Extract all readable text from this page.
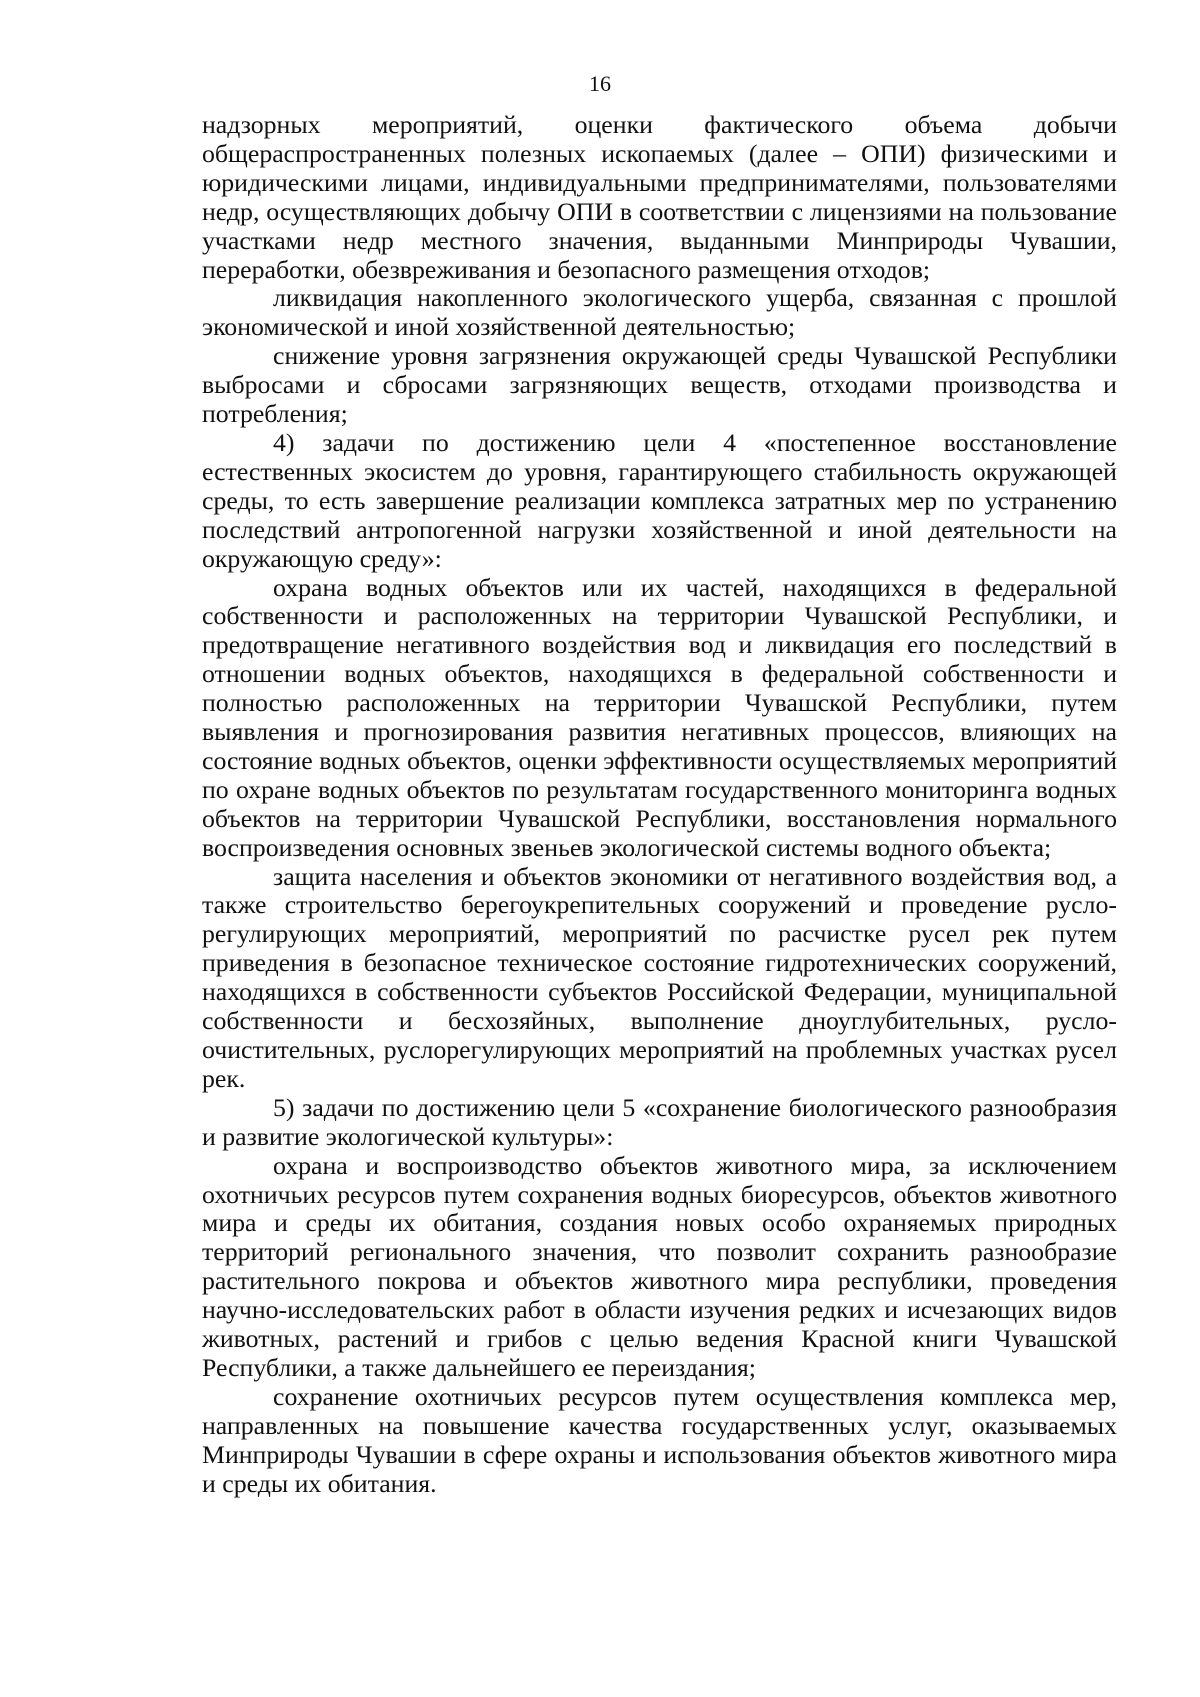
16

надзорных мероприятий, оценки фактического объема добычи общераспространенных полезных ископаемых (далее – ОПИ) физическими и юридическими лицами, индивидуальными предпринимателями, пользователями недр, осуществляющих добычу ОПИ в соответствии с лицензиями на пользование участками недр местного значения, выданными Минприроды Чувашии, переработки, обезвреживания и безопасного размещения отходов;

ликвидация накопленного экологического ущерба, связанная с прошлой экономической и иной хозяйственной деятельностью;

снижение уровня загрязнения окружающей среды Чувашской Республики выбросами и сбросами загрязняющих веществ, отходами производства и потребления;

4) задачи по достижению цели 4 «постепенное восстановление естественных экосистем до уровня, гарантирующего стабильность окружающей среды, то есть завершение реализации комплекса затратных мер по устранению последствий антропогенной нагрузки хозяйственной и иной деятельности на окружающую среду»:

охрана водных объектов или их частей, находящихся в федеральной собственности и расположенных на территории Чувашской Республики, и предотвращение негативного воздействия вод и ликвидация его последствий в отношении водных объектов, находящихся в федеральной собственности и полностью расположенных на территории Чувашской Республики, путем выявления и прогнозирования развития негативных процессов, влияющих на состояние водных объектов, оценки эффективности осуществляемых мероприятий по охране водных объектов по результатам государственного мониторинга водных объектов на территории Чувашской Республики, восстановления нормального воспроизведения основных звеньев экологической системы водного объекта;

защита населения и объектов экономики от негативного воздействия вод, а также строительство берегоукрепительных сооружений и проведение руслорегулирующих мероприятий, мероприятий по расчистке русел рек путем приведения в безопасное техническое состояние гидротехнических сооружений, находящихся в собственности субъектов Российской Федерации, муниципальной собственности и бесхозяйных, выполнение дноуглубительных, руслоочистительных, руслорегулирующих мероприятий на проблемных участках русел рек.

5) задачи по достижению цели 5 «сохранение биологического разнообразия и развитие экологической культуры»:

охрана и воспроизводство объектов животного мира, за исключением охотничьих ресурсов путем сохранения водных биоресурсов, объектов животного мира и среды их обитания, создания новых особо охраняемых природных территорий регионального значения, что позволит сохранить разнообразие растительного покрова и объектов животного мира республики, проведения научно-исследовательских работ в области изучения редких и исчезающих видов животных, растений и грибов с целью ведения Красной книги Чувашской Республики, а также дальнейшего ее переиздания;

сохранение охотничьих ресурсов путем осуществления комплекса мер, направленных на повышение качества государственных услуг, оказываемых Минприроды Чувашии в сфере охраны и использования объектов животного мира и среды их обитания.
